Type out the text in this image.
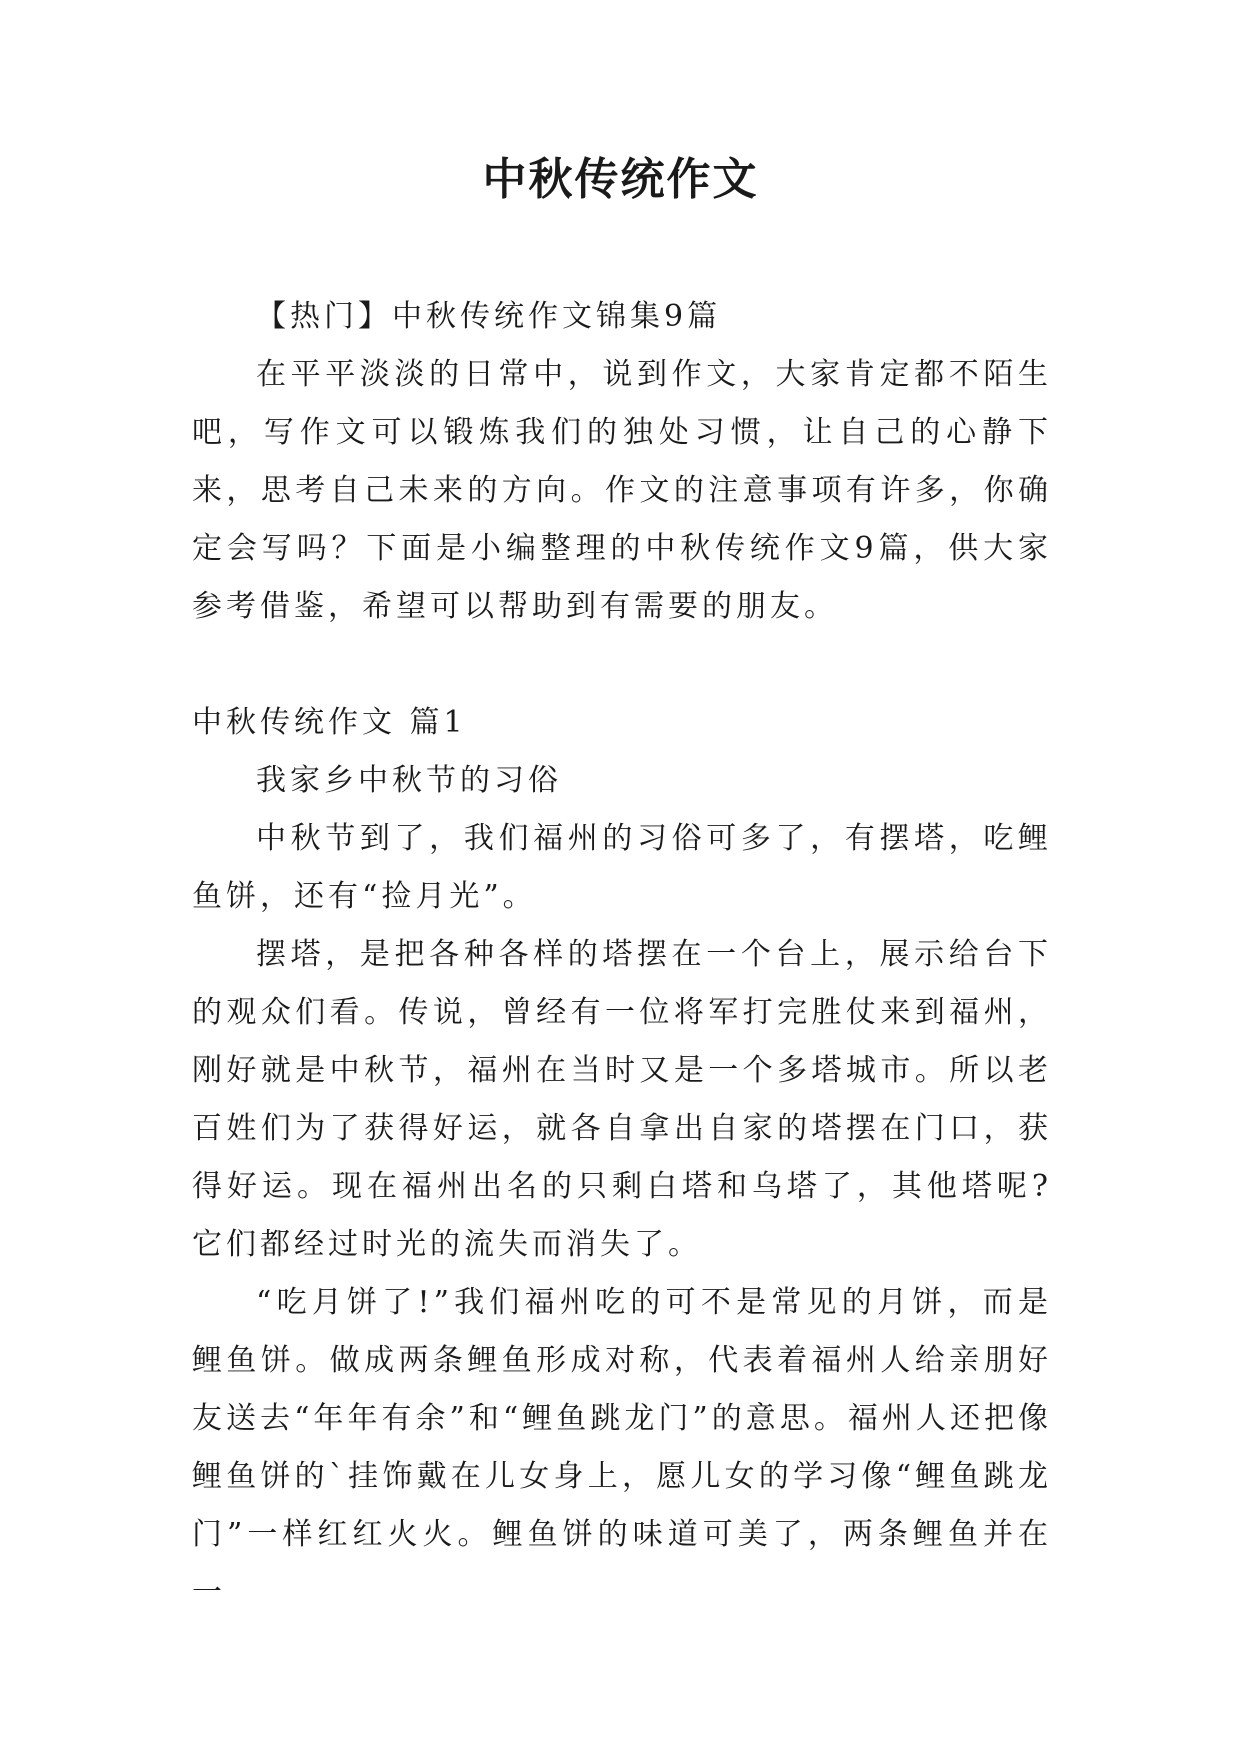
中秋传统作文

【热门】中秋传统作文锦集9篇

在平平淡淡的日常中，说到作文，大家肯定都不陌生吧，写作文可以锻炼我们的独处习惯，让自己的心静下来，思考自己未来的方向。作文的注意事项有许多，你确定会写吗？下面是小编整理的中秋传统作文9篇，供大家参考借鉴，希望可以帮助到有需要的朋友。

中秋传统作文 篇1

我家乡中秋节的习俗

中秋节到了，我们福州的习俗可多了，有摆塔，吃鲤鱼饼，还有“捡月光”。

摆塔，是把各种各样的塔摆在一个台上，展示给台下的观众们看。传说，曾经有一位将军打完胜仗来到福州，刚好就是中秋节，福州在当时又是一个多塔城市。所以老百姓们为了获得好运，就各自拿出自家的塔摆在门口，获得好运。现在福州出名的只剩白塔和乌塔了，其他塔呢?它们都经过时光的流失而消失了。

“吃月饼了!”我们福州吃的可不是常见的月饼，而是鲤鱼饼。做成两条鲤鱼形成对称，代表着福州人给亲朋好友送去“年年有余”和“鲤鱼跳龙门”的意思。福州人还把像鲤鱼饼的`挂饰戴在儿女身上，愿儿女的学习像“鲤鱼跳龙门”一样红红火火。鲤鱼饼的味道可美了，两条鲤鱼并在一
